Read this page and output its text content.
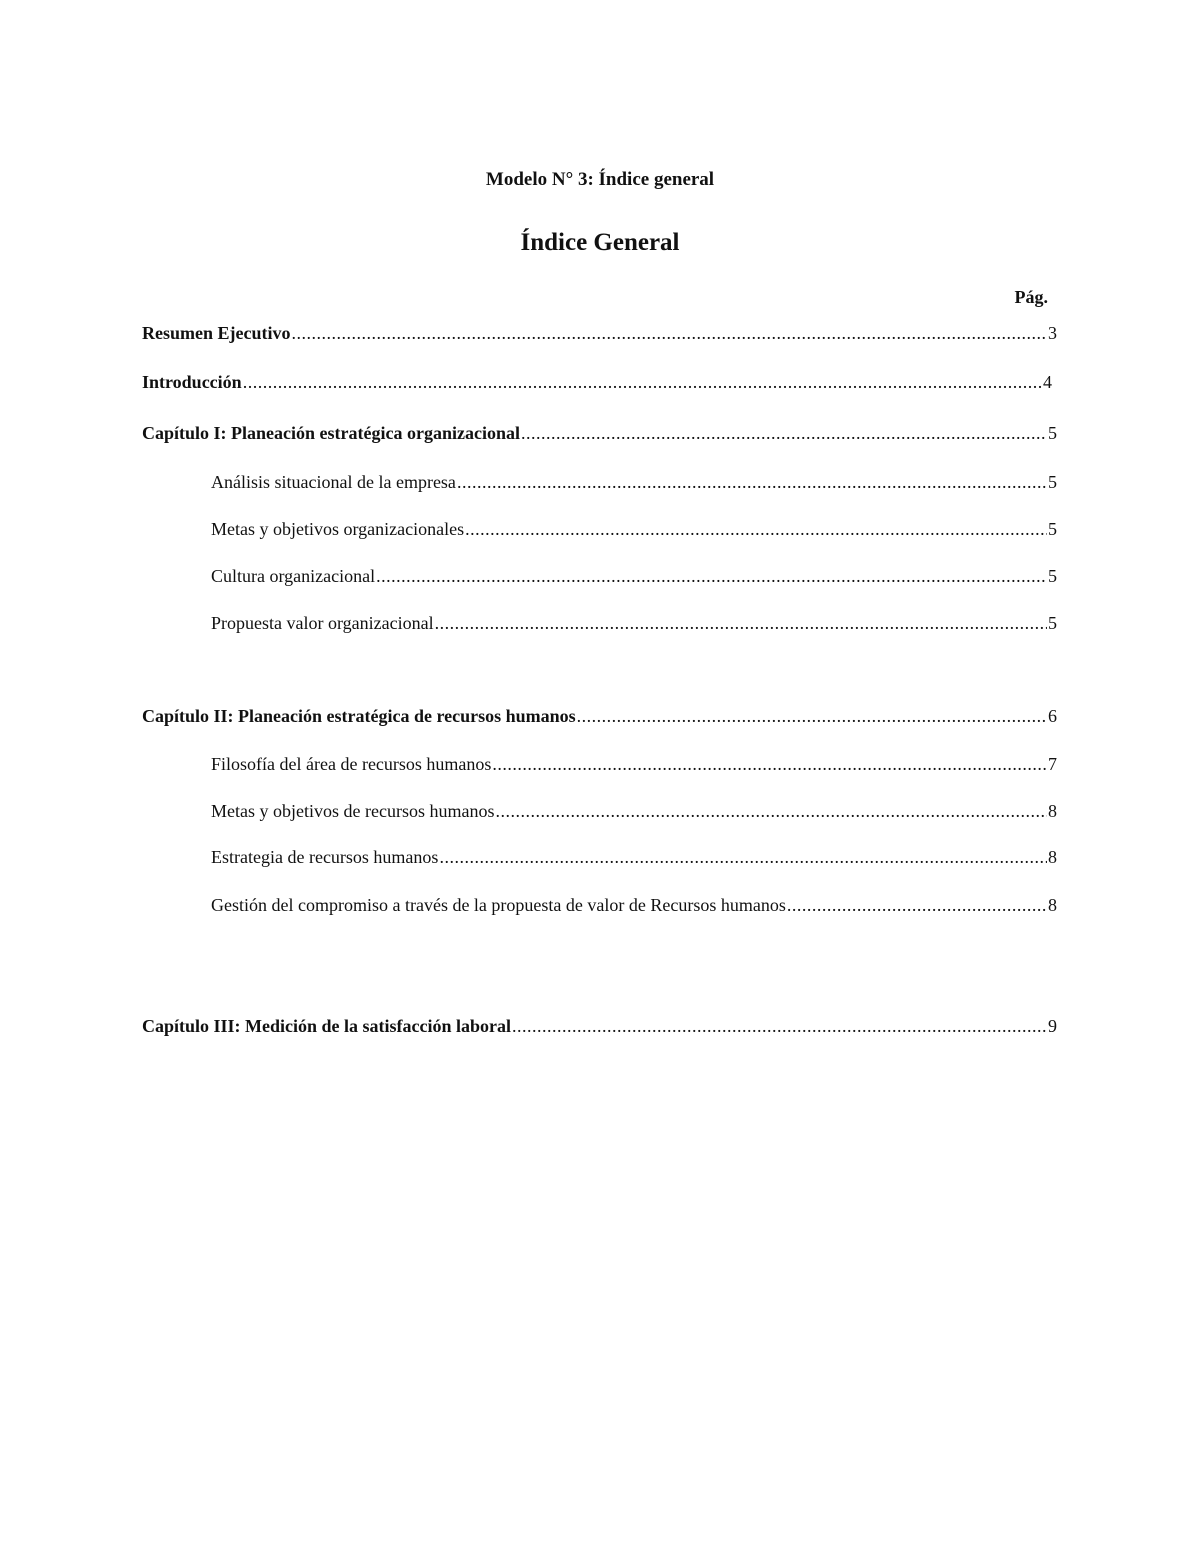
Modelo N° 3: Índice general
Índice General
Pág.
Resumen Ejecutivo .....	3
Introducción .....	4
Capítulo I: Planeación estratégica organizacional .....	5
Análisis situacional de la empresa .....	5
Metas y objetivos organizacionales .....	5
Cultura organizacional .....	5
Propuesta valor organizacional .....	5
Capítulo II: Planeación estratégica de recursos humanos .....	6
Filosofía del área de recursos humanos .....	7
Metas y objetivos de recursos humanos .....	8
Estrategia de recursos humanos .....	8
Gestión del compromiso a través de la propuesta de valor de Recursos humanos .....	8
Capítulo III: Medición de la satisfacción laboral .....	9
